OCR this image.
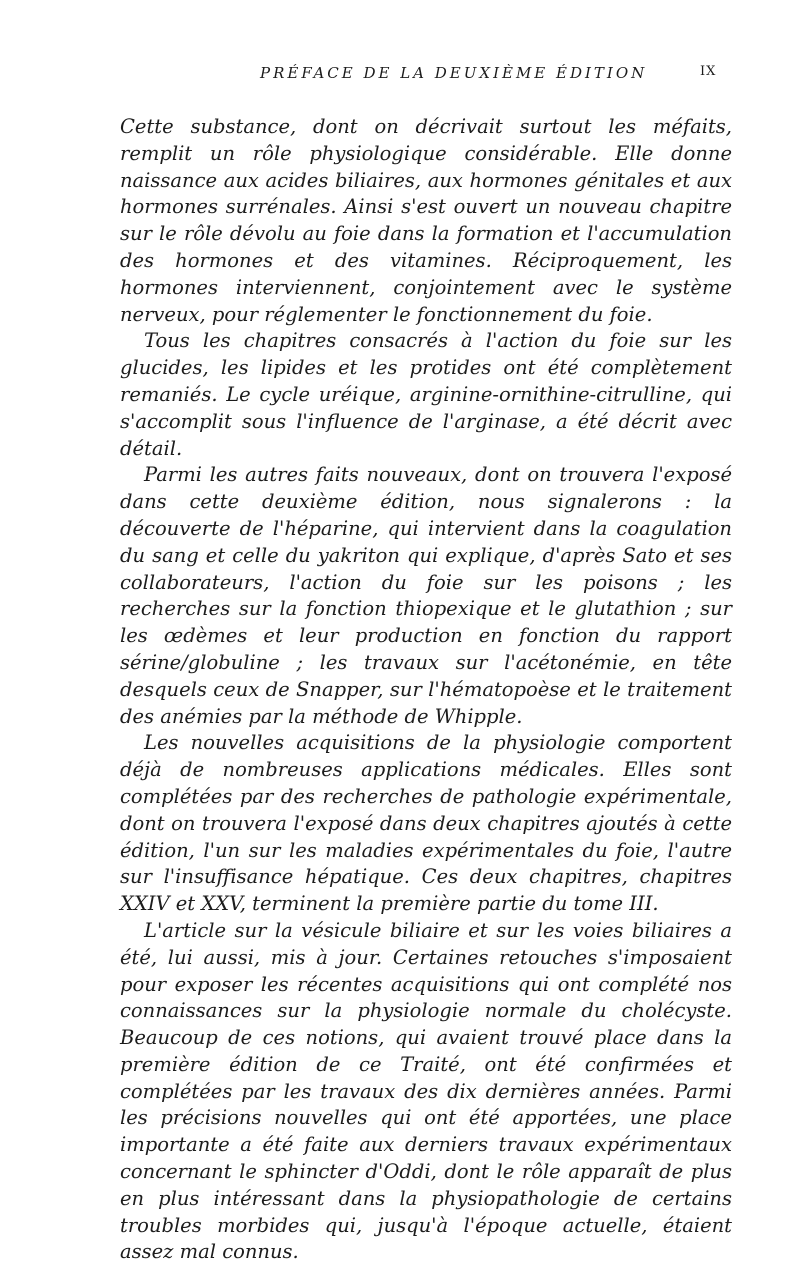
PRÉFACE DE LA DEUXIÈME ÉDITION	IX

Cette substance, dont on décrivait surtout les méfaits, remplit un rôle physiologique considérable. Elle donne naissance aux acides biliaires, aux hormones génitales et aux hormones surrénales. Ainsi s'est ouvert un nouveau chapitre sur le rôle dévolu au foie dans la formation et l'accumulation des hormones et des vitamines. Réciproquement, les hormones interviennent, conjointement avec le système nerveux, pour réglementer le fonctionnement du foie.

Tous les chapitres consacrés à l'action du foie sur les glucides, les lipides et les protides ont été complètement remaniés. Le cycle uréique, arginine-ornithine-citrulline, qui s'accomplit sous l'influence de l'arginase, a été décrit avec détail.

Parmi les autres faits nouveaux, dont on trouvera l'exposé dans cette deuxième édition, nous signalerons : la découverte de l'héparine, qui intervient dans la coagulation du sang et celle du yakriton qui explique, d'après Sato et ses collaborateurs, l'action du foie sur les poisons ; les recherches sur la fonction thiopexique et le glutathion ; sur les œdèmes et leur production en fonction du rapport sérine/globuline ; les travaux sur l'acétonémie, en tête desquels ceux de Snapper, sur l'hématopoèse et le traitement des anémies par la méthode de Whipple.

Les nouvelles acquisitions de la physiologie comportent déjà de nombreuses applications médicales. Elles sont complétées par des recherches de pathologie expérimentale, dont on trouvera l'exposé dans deux chapitres ajoutés à cette édition, l'un sur les maladies expérimentales du foie, l'autre sur l'insuffisance hépatique. Ces deux chapitres, chapitres XXIV et XXV, terminent la première partie du tome III.

L'article sur la vésicule biliaire et sur les voies biliaires a été, lui aussi, mis à jour. Certaines retouches s'imposaient pour exposer les récentes acquisitions qui ont complété nos connaissances sur la physiologie normale du cholécyste. Beaucoup de ces notions, qui avaient trouvé place dans la première édition de ce Traité, ont été confirmées et complétées par les travaux des dix dernières années. Parmi les précisions nouvelles qui ont été apportées, une place importante a été faite aux derniers travaux expérimentaux concernant le sphincter d'Oddi, dont le rôle apparaît de plus en plus intéressant dans la physiopathologie de certains troubles morbides qui, jusqu'à l'époque actuelle, étaient assez mal connus.
